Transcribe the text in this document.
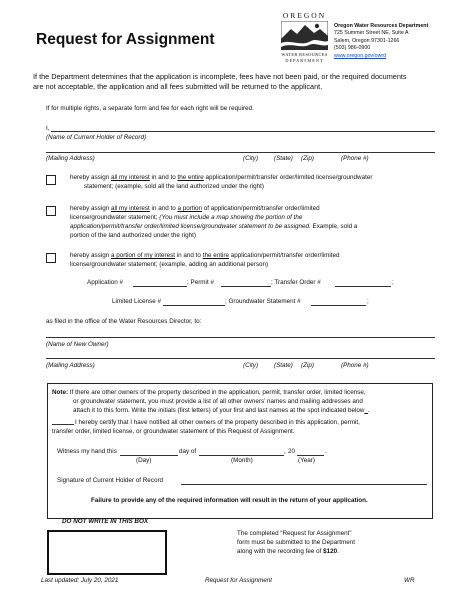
Request for Assignment
OREGON
WATER RESOURCES
DEPARTMENT
Oregon Water Resources Department
725 Summer Street NE, Suite A
Salem, Oregon 97301-1266
(503) 986-0900
www.oregon.gov/owrd
If the Department determines that the application is incomplete, fees have not been paid, or the required documents
are not acceptable, the application and all fees submitted will be returned to the applicant.
If for multiple rights, a separate form and fee for each right will be required.
I,
(Name of Current Holder of Record)
(Mailing Address)	(City)	(State) (Zip)	(Phone #)
hereby assign all my interest in and to the entire application/permit/transfer order/limited license/groundwater
statement; (example, sold all the land authorized under the right)
hereby assign all my interest in and to a portion of application/permit/transfer order/limited
license/groundwater statement; (You must include a map showing the portion of the
application/permit/transfer order/limited license/groundwater statement to be assigned. Example, sold a
portion of the land authorized under the right)
hereby assign a portion of my interest in and to the entire application/permit/transfer order/limited
license/groundwater statement; (example, adding an additional person)
Application #	; Permit #	; Transfer Order #	;
Limited License #	; Groundwater Statement #	;
as filed in the office of the Water Resources Director, to:
(Name of New Owner)
(Mailing Address)	(City)	(State) (Zip)	(Phone #)
Note: If there are other owners of the property described in the application, permit, transfer order, limited license,
or groundwater statement, you must provide a list of all other owners’ names and mailing addresses and
attach it to this form. Write the initials (first letters) of your first and last names at the spot indicated below .
I hereby certify that I have notified all other owners of the property described in this application, permit,
transfer order, limited license, or groundwater statement of this Request of Assignment.
Witness my hand this	day of	, 20	.
(Day)	(Month)	(Year)
Signature of Current Holder of Record
Failure to provide any of the required information will result in the return of your application.
DO NOT WRITE IN THIS BOX
The completed “Request for Assignment”
form must be submitted to the Department
along with the recording fee of $120.
Last updated: July 20, 2021	Request for Assignment	WR
